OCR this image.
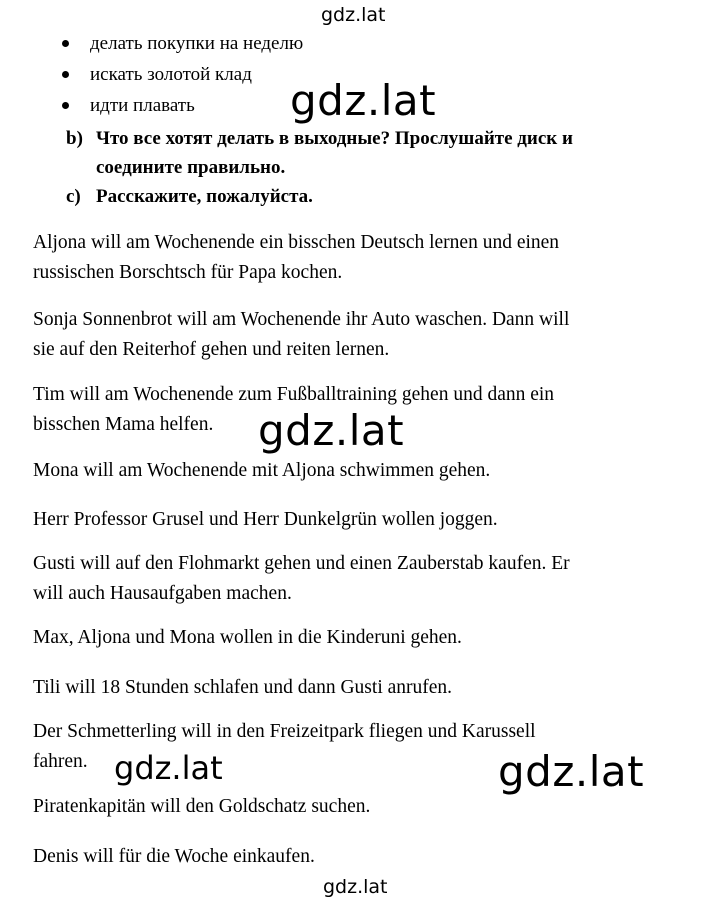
gdz.lat
делать покупки на неделю
искать золотой клад
идти плавать	gdz.lat
b) Что все хотят делать в выходные? Прослушайте диск и
соедините правильно.
c) Расскажите, пожалуйста.
Aljona will am Wochenende ein bisschen Deutsch lernen und einen
russischen Borschtsch für Papa kochen.
Sonja Sonnenbrot will am Wochenende ihr Auto waschen. Dann will
sie auf den Reiterhof gehen und reiten lernen.
Tim will am Wochenende zum Fußballtraining gehen und dann ein
bisschen Mama helfen.	gdz.lat
Mona will am Wochenende mit Aljona schwimmen gehen.
Herr Professor Grusel und Herr Dunkelgrün wollen joggen.
Gusti will auf den Flohmarkt gehen und einen Zauberstab kaufen. Er
will auch Hausaufgaben machen.
Max, Aljona und Mona wollen in die Kinderuni gehen.
Tili will 18 Stunden schlafen und dann Gusti anrufen.
Der Schmetterling will in den Freizeitpark fliegen und Karussell
fahren. gdz.lat	gdz.lat
Piratenkapitän will den Goldschatz suchen.
Denis will für die Woche einkaufen.
gdz.lat
